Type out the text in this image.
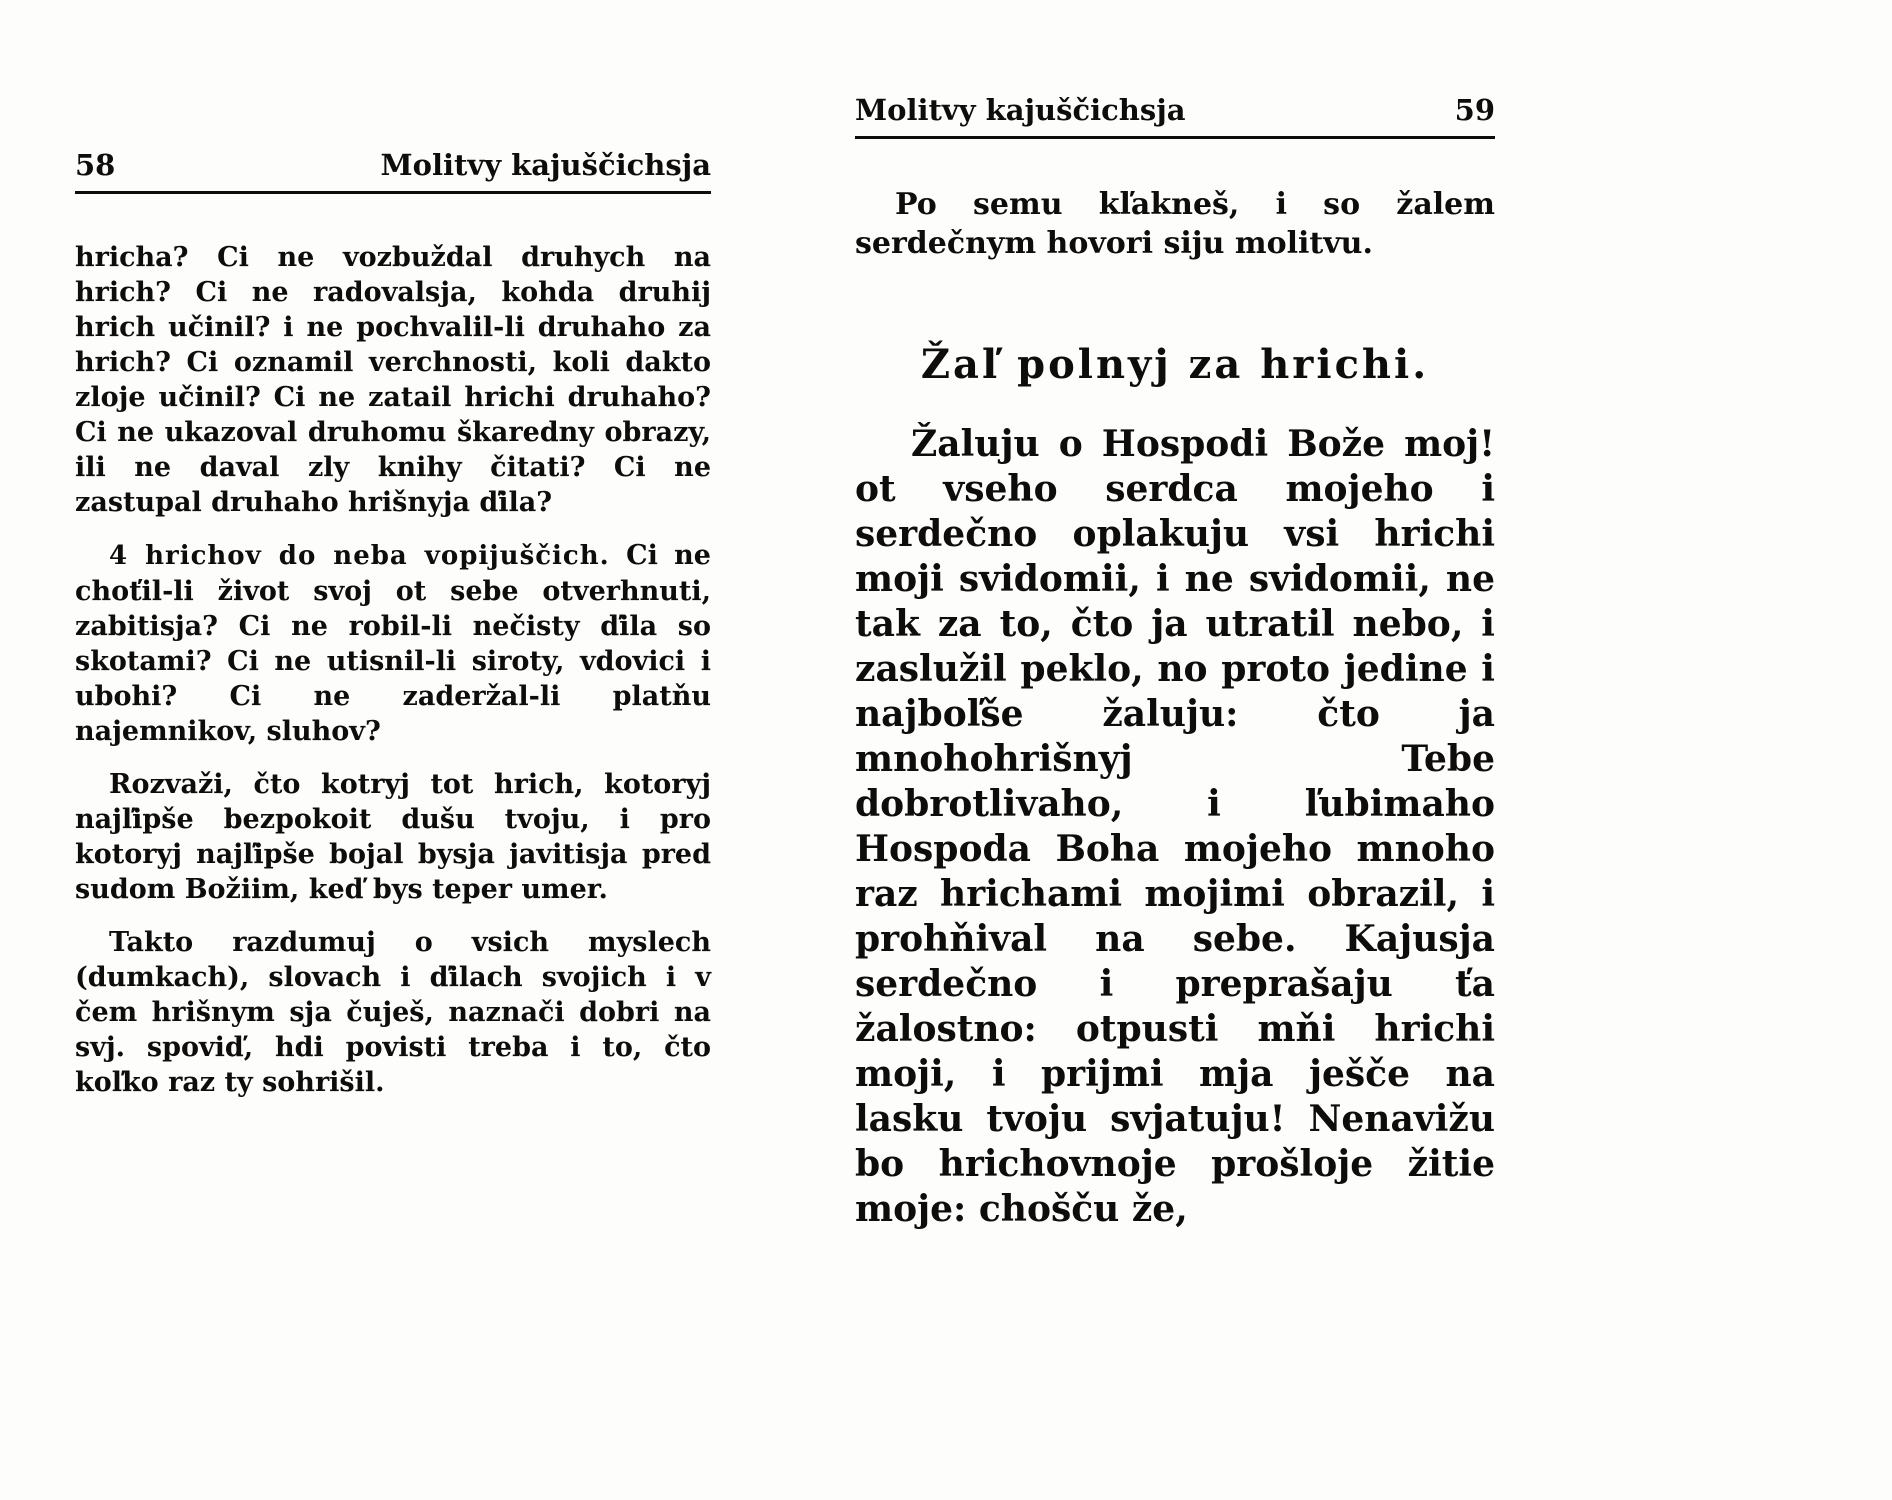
58	Molitvy kajuščichsja

hricha? Ci ne vozbuždal druhych na hrich? Ci ne radovalsja, kohda druhij hrich učinil? i ne pochvalil-li druhaho za hrich? Ci oznamil verchnosti, koli dakto zloje učinil? Ci ne zatail hrichi druhaho? Ci ne ukazoval druhomu škaredny obrazy, ili ne daval zly knihy čitati? Ci ne zastupal druhaho hrišnyja ďila?

4 hrichov do neba vopijuščich. Ci ne choťil-li život svoj ot sebe otverhnuti, zabitisja? Ci ne robil-li nečisty ďila so skotami? Ci ne utisnil-li siroty, vdovici i ubohi? Ci ne zaderžal-li platňu najemnikov, sluhov?

Rozvaži, čto kotryj tot hrich, kotoryj najľipše bezpokoit dušu tvoju, i pro kotoryj najľipše bojal bysja javitisja pred sudom Božiim, keď bys teper umer.

Takto razdumuj o vsich myslech (dumkach), slovach i ďilach svojich i v čem hrišnym sja čuješ, naznači dobri na svj. spoviď, hdi povisti treba i to, čto koľko raz ty sohrišil.

Molitvy kajuščichsja	59

Po semu kľakneš, i so žalem serdečnym hovori siju molitvu.

Žaľ polnyj za hrichi.

Žaluju o Hospodi Bože moj! ot vseho serdca mojeho i serdečno oplakuju vsi hrichi moji svidomii, i ne svidomii, ne tak za to, čto ja utratil nebo, i zaslužil peklo, no proto jedine i najboľše žaluju: čto ja mnohohrišnyj Tebe dobrotlivaho, i ľubimaho Hospoda Boha mojeho mnoho raz hrichami mojimi obrazil, i prohňival na sebe. Kajusja serdečno i preprašaju ťa žalostno: otpusti mňi hrichi moji, i prijmi mja ješče na lasku tvoju svjatuju! Nenavižu bo hrichovnoje prošloje žitie moje: chošču že,
